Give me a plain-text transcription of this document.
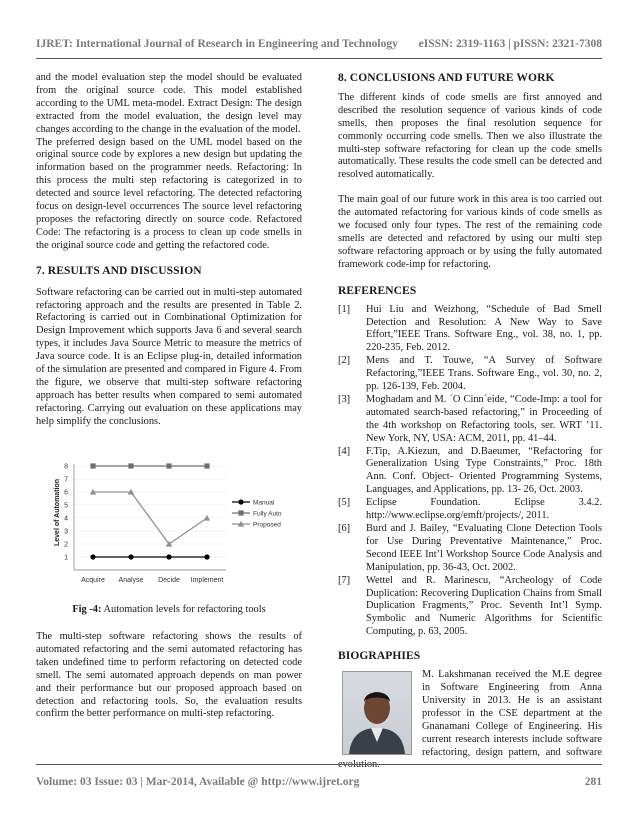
IJRET: International Journal of Research in Engineering and Technology eISSN: 2319-1163 | pISSN: 2321-7308

and the model evaluation step the model should be evaluated from the original source code. This model established according to the UML meta-model. Extract Design: The design extracted from the model evaluation, the design level may changes according to the change in the evaluation of the model.

The preferred design based on the UML model based on the original source code by explores a new design but updating the information based on the programmer needs. Refactoring: In this process the multi step refactoring is categorized in to detected and source level refactoring. The detected refactoring focus on design-level occurrences The source level refactoring proposes the refactoring directly on source code. Refactored Code: The refactoring is a process to clean up code smells in the original source code and getting the refactored code.

7. RESULTS AND DISCUSSION

Software refactoring can be carried out in multi-step automated refactoring approach and the results are presented in Table 2. Refactoring is carried out in Combinational Optimization for Design Improvement which supports Java 6 and several search types, it includes Java Source Metric to measure the metrics of Java source code. It is an Eclipse plug-in, detailed information of the simulation are presented and compared in Figure 4. From the figure, we observe that multi-step software refactoring approach has better results when compared to semi automated refactoring. Carrying out evaluation on these applications may help simplify the conclusions.

Level of Automation
1
2
3
4
5
6
7
8
Acquire Analyse Decide Implement
Manual
Fully Auto
Proposed
Fig -4: Automation levels for refactoring tools
The multi-step software refactoring shows the results of automated refactoring and the semi automated refactoring has taken undefined time to perform refactoring on detected code smell. The semi automated approach depends on man power and their performance but our proposed approach based on detection and refactoring tools. So, the evaluation results confirm the better performance on multi-step refactoring.
8. CONCLUSIONS AND FUTURE WORK

The different kinds of code smells are first annoyed and described the resolution sequence of various kinds of code smells, then proposes the final resolution sequence for commonly occurring code smells. Then we also illustrate the multi-step software refactoring for clean up the code smells automatically. These results the code smell can be detected and resolved automatically.

The main goal of our future work in this area is too carried out the automated refactoring for various kinds of code smells as we focused only four types. The rest of the remaining code smells are detected and refactored by using our multi step software refactoring approach or by using the fully automated framework code-imp for refactoring.

REFERENCES
[1]	Hui Liu and Weizhong, “Schedule of Bad Smell Detection and Resolution: A New Way to Save Effort,”IEEE Trans. Software Eng., vol. 38, no. 1, pp. 220-235, Feb. 2012.
[2]	Mens and T. Touwe, “A Survey of Software Refactoring,”IEEE Trans. Software Eng., vol. 30, no. 2, pp. 126-139, Feb. 2004.
[3]	Moghadam and M. ´O Cinn´eide, “Code-Imp: a tool for automated search-based refactoring,” in Proceeding of the 4th workshop on Refactoring tools, ser. WRT ’11. New York, NY, USA: ACM, 2011, pp. 41–44.
[4]	F.Tip, A.Kiezun, and D.Baeumer, “Refactoring for Generalization Using Type Constraints,” Proc. 18th Ann. Conf. Object- Oriented Programming Systems, Languages, and Applications, pp. 13- 26, Oct. 2003.
[5]	Eclipse Foundation. Eclipse 3.4.2. http://www.eclipse.org/emft/projects/, 2011.
[6]	Burd and J. Bailey, “Evaluating Clone Detection Tools for Use During Preventative Maintenance,” Proc. Second IEEE Int’l Workshop Source Code Analysis and Manipulation, pp. 36-43, Oct. 2002.
[7]	Wettel and R. Marinescu, “Archeology of Code Duplication: Recovering Duplication Chains from Small Duplication Fragments,” Proc. Seventh Int’l Symp. Symbolic and Numeric Algorithms for Scientific Computing, p. 63, 2005.
BIOGRAPHIES

M. Lakshmanan received the M.E degree in Software Engineering from Anna University in 2013. He is an assistant professor in the CSE department at the Gnanamani College of Engineering. His current research interests include software refactoring, design pattern, and software evolution.

Volume: 03 Issue: 03 | Mar-2014, Available @ http://www.ijret.org	281
